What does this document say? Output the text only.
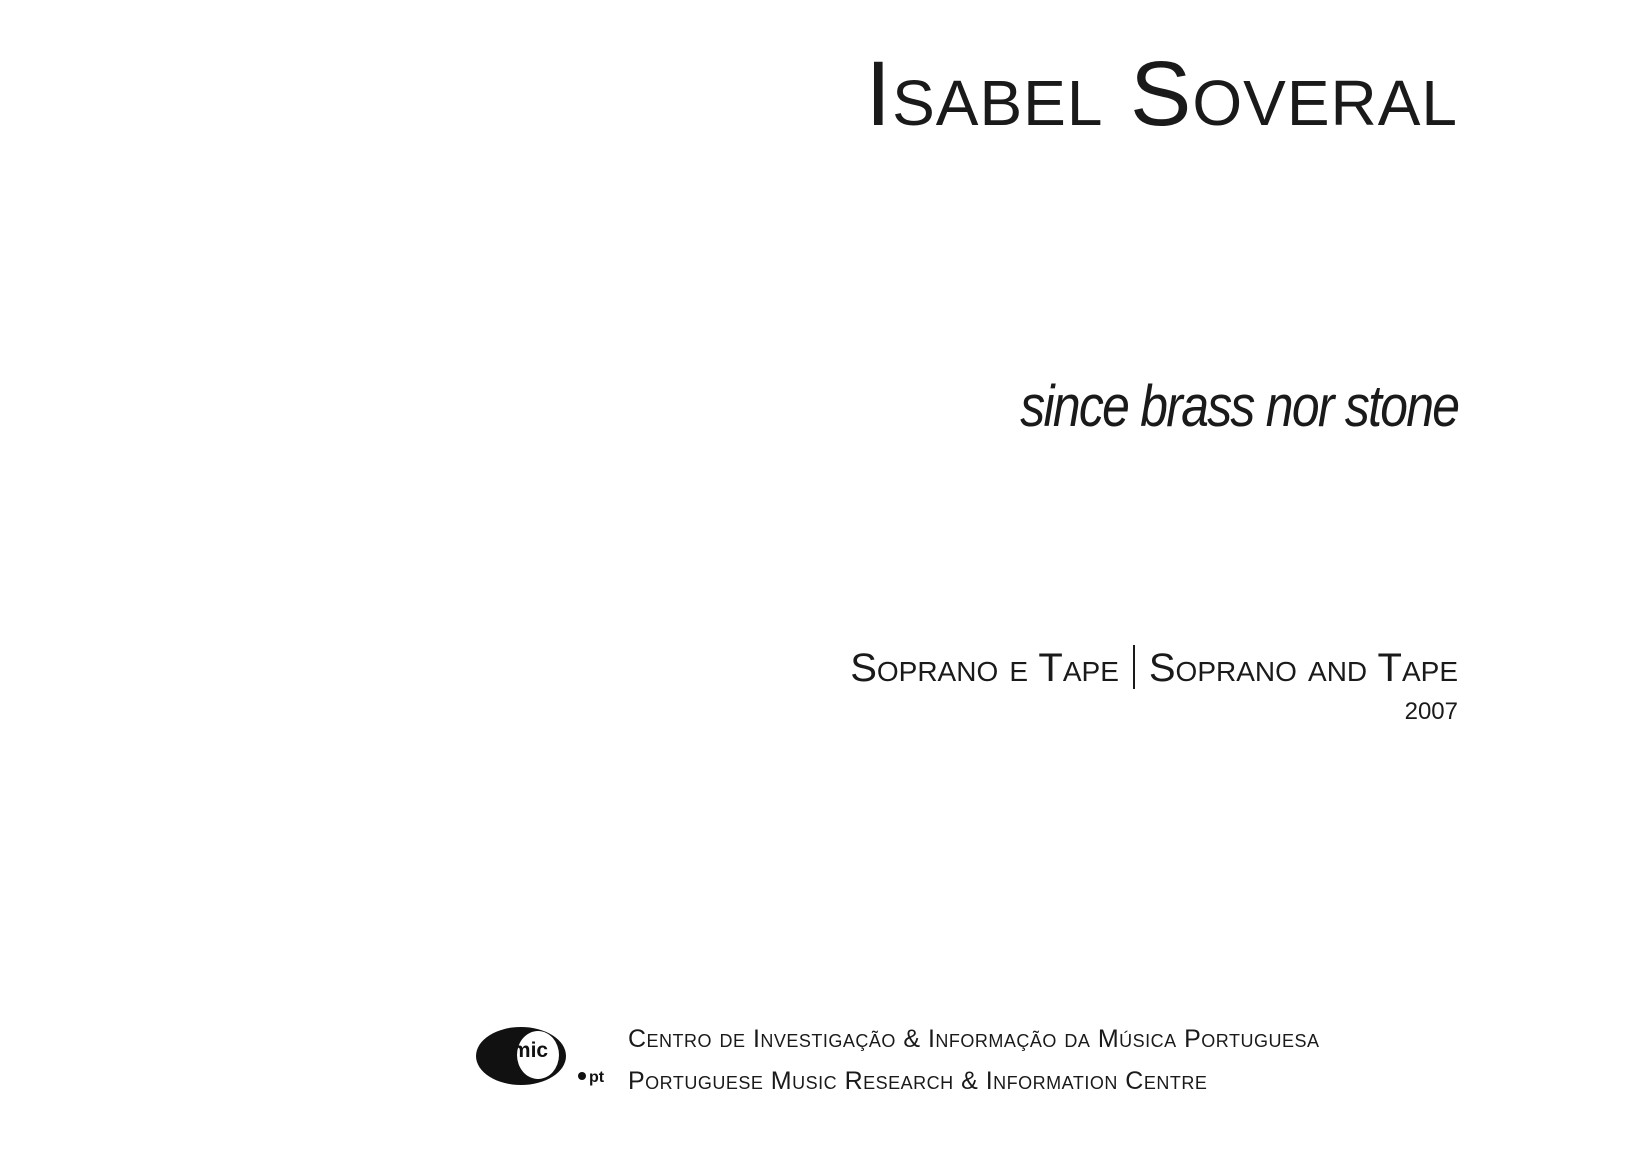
Isabel Soveral
since brass nor stone
Soprano e Tape Soprano and Tape
2007
mic
pt
Centro de Investigação & Informação da Música Portuguesa
Portuguese Music Research & Information Centre
